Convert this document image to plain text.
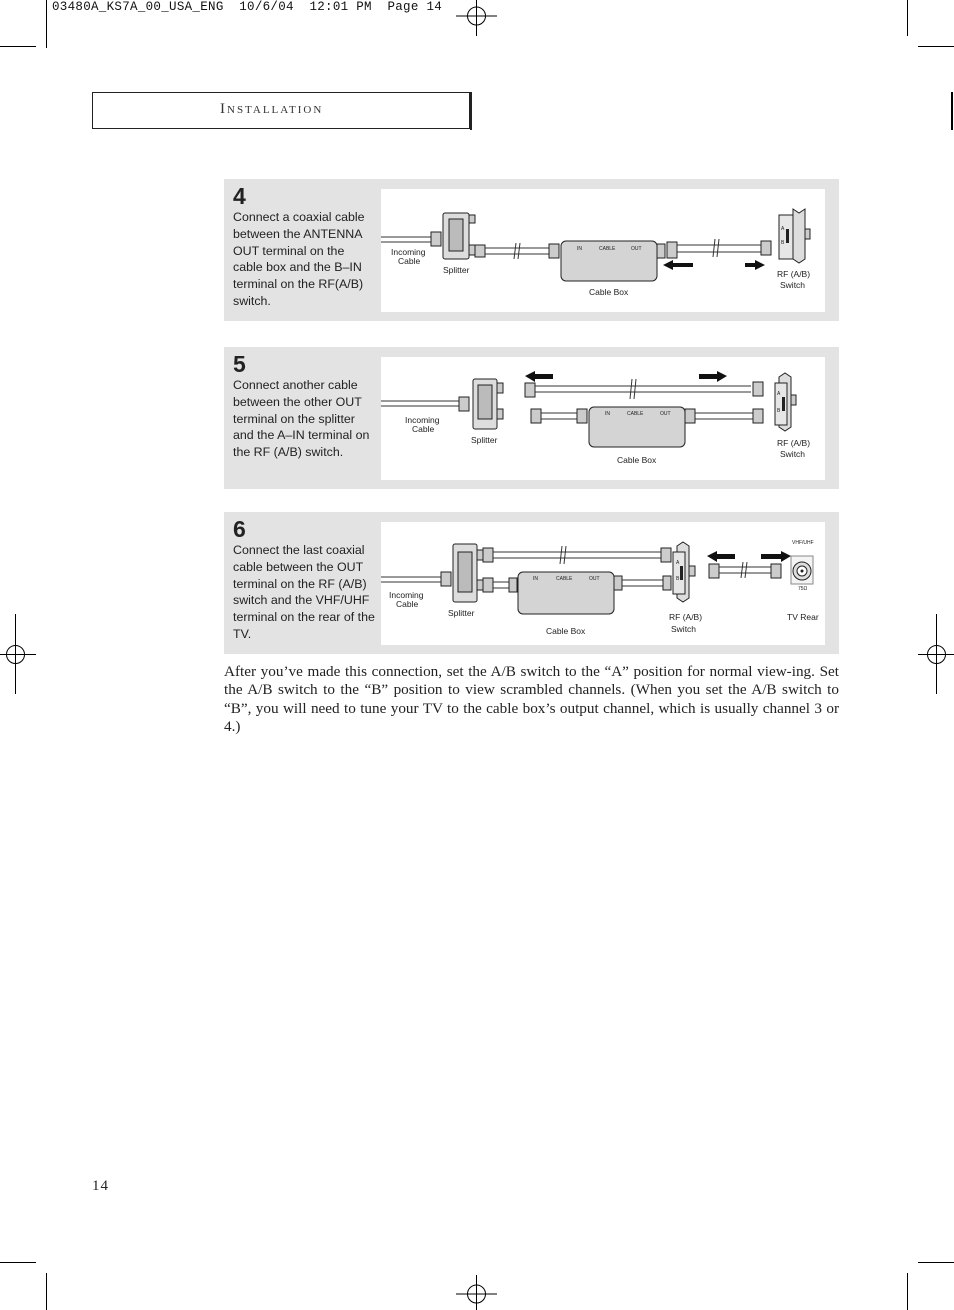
03480A_KS7A_00_USA_ENG  10/6/04  12:01 PM  Page 14
Installation
4
Connect a coaxial cable between the ANTENNA OUT terminal on the cable box and the B–IN terminal on the RF(A/B) switch.
IN	CABLE	OUT
A
B
Incoming
Cable
Splitter
Cable Box
RF (A/B)
Switch
5
Connect another cable between the other OUT terminal on the splitter and the A–IN terminal on the RF (A/B) switch.
IN	CABLE	OUT
A
B
Incoming
Cable
Splitter
Cable Box
RF (A/B)
Switch
6
Connect the last coaxial cable between the OUT terminal on the RF (A/B) switch and the VHF/UHF terminal on the rear of the TV.
IN	CABLE	OUT
A
B
VHF/UHF
75Ω
Incoming
Cable
Splitter
Cable Box
RF (A/B)
Switch
TV Rear
After you’ve made this connection, set the A/B switch to the “A” position for normal view-ing. Set the A/B switch to the “B” position to view scrambled channels. (When you set the A/B switch to “B”, you will need to tune your TV to the cable box’s output channel, which is usually channel 3 or 4.)
14
